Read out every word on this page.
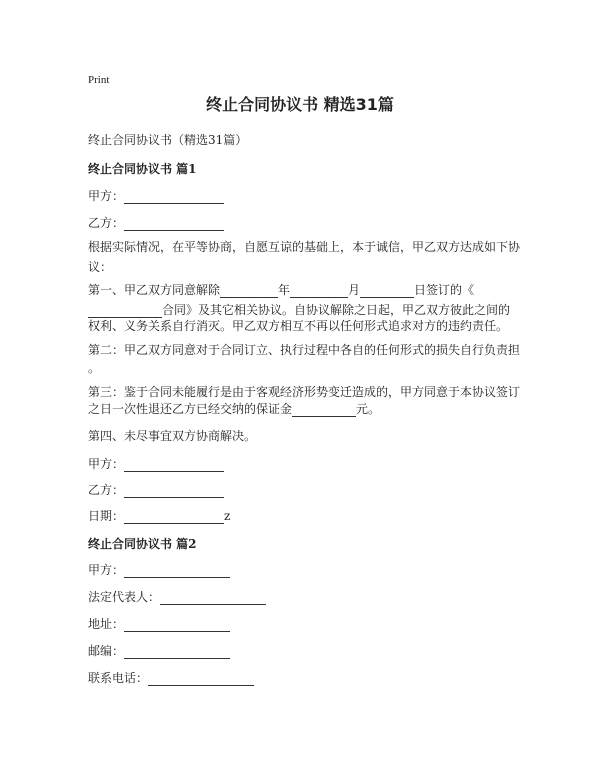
Print
终止合同协议书 精选31篇
终止合同协议书（精选31篇）
终止合同协议书 篇1
甲方：
乙方：
根据实际情况，在平等协商，自愿互谅的基础上，本于诚信，甲乙双方达成如下协
议：
第一、甲乙双方同意解除	年	月	日签订的《
合同》及其它相关协议。自协议解除之日起，甲乙双方彼此之间的
权利、义务关系自行消灭。甲乙双方相互不再以任何形式追求对方的违约责任。
第二：甲乙双方同意对于合同订立、执行过程中各自的任何形式的损失自行负责担
。
第三：鉴于合同未能履行是由于客观经济形势变迁造成的，甲方同意于本协议签订
之日一次性退还乙方已经交纳的保证金	元。
第四、未尽事宜双方协商解决。
甲方：
乙方：
日期：	z
终止合同协议书 篇2
甲方：
法定代表人：
地址：
邮编：
联系电话：
